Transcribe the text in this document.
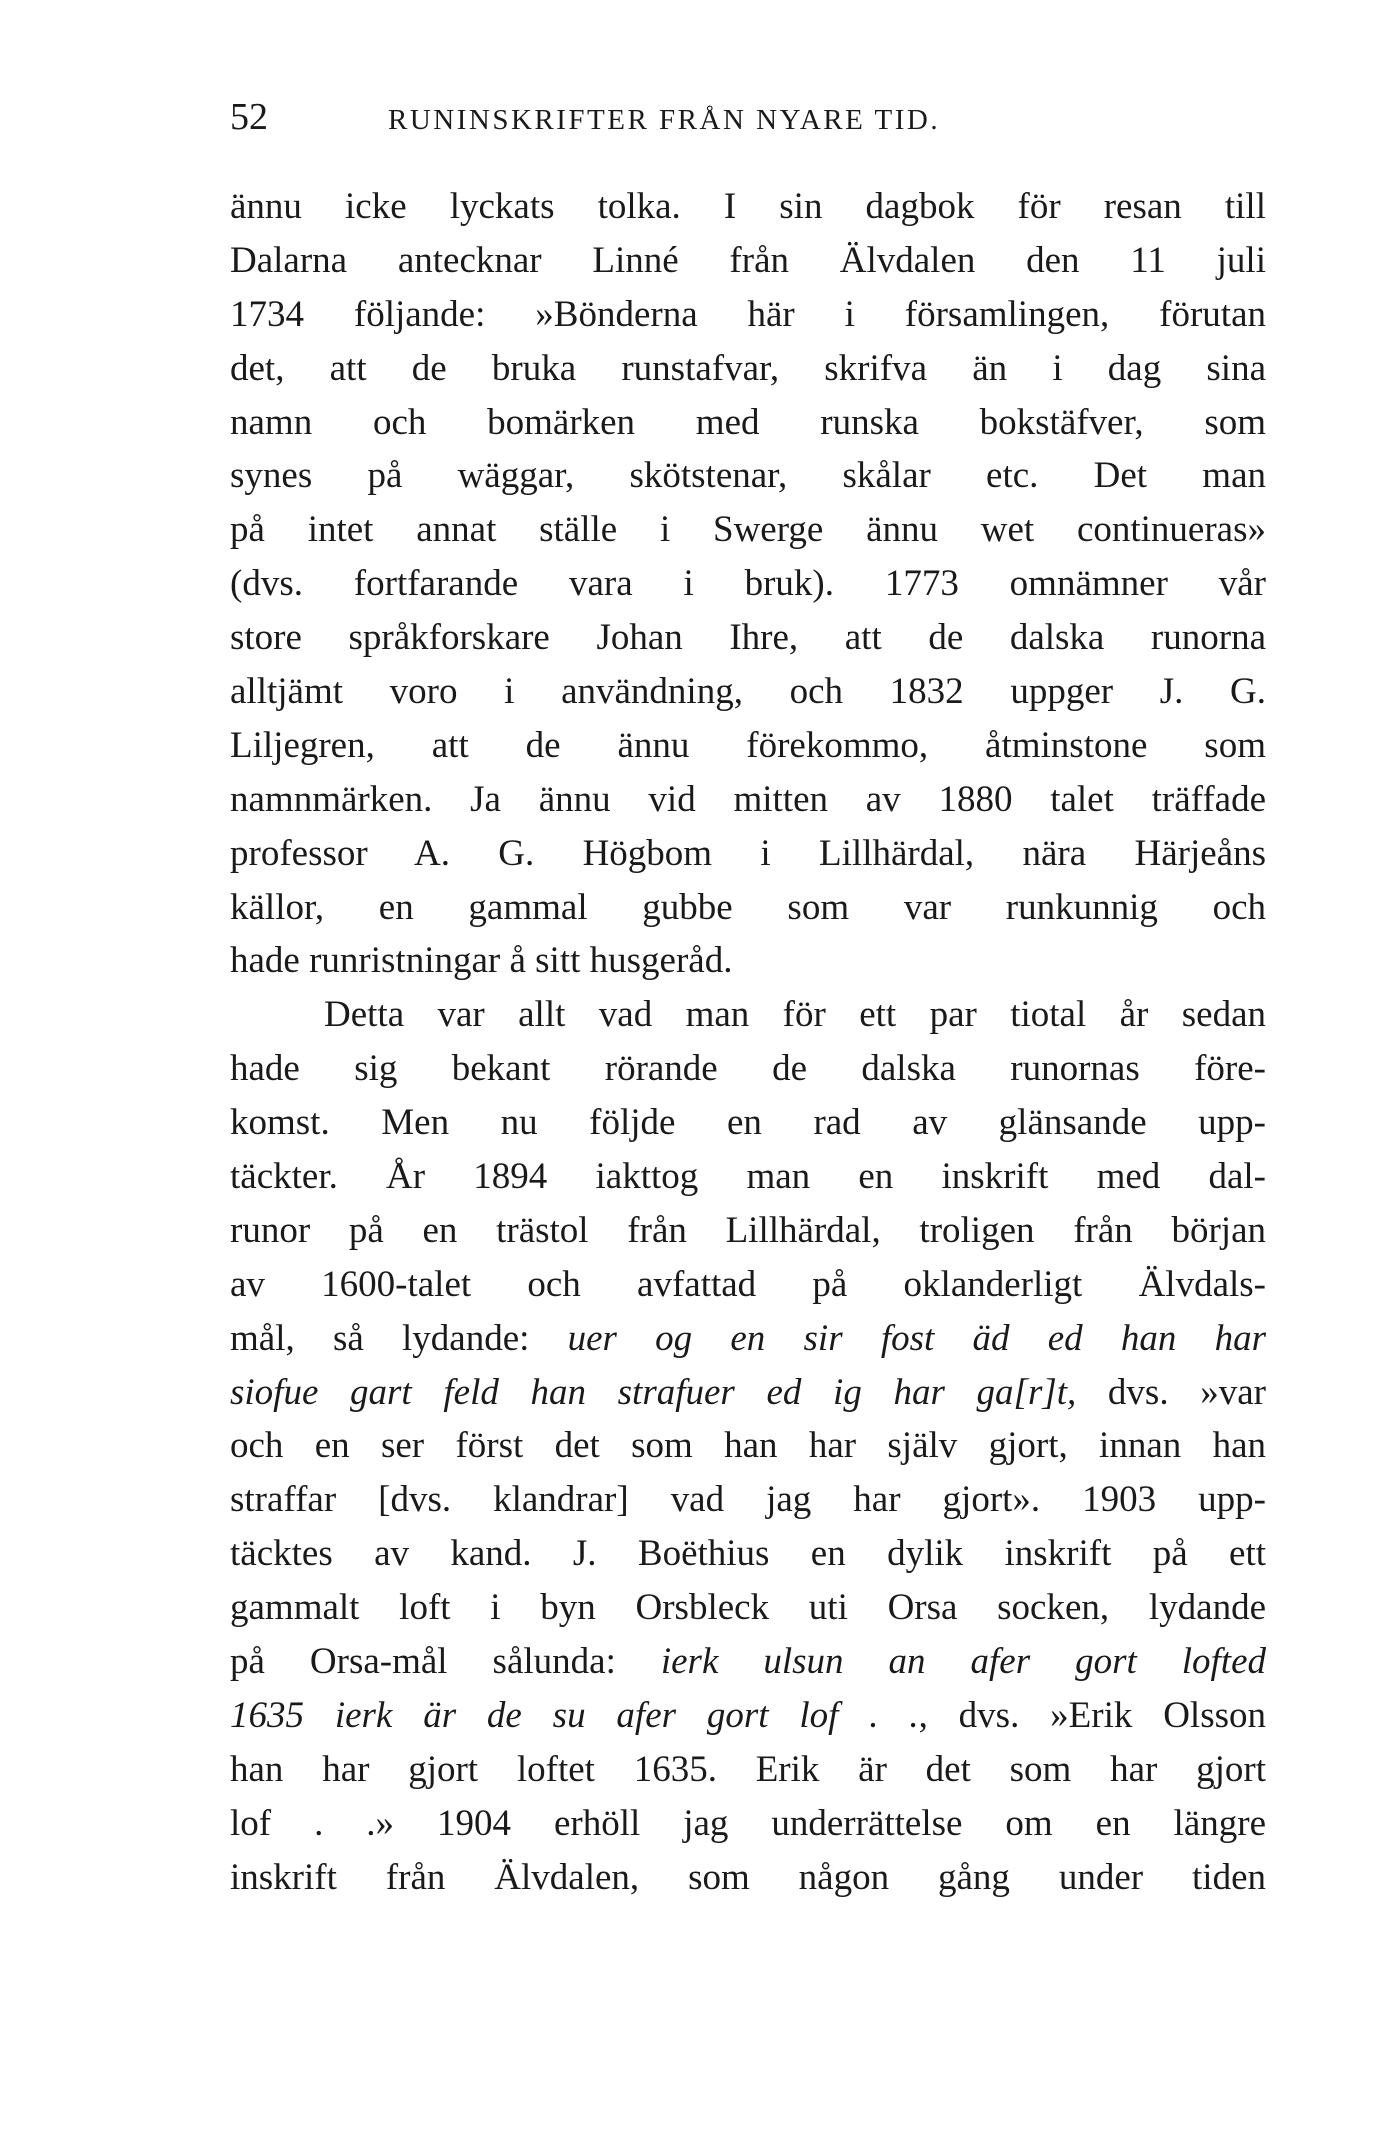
52	RUNINSKRIFTER FRÅN NYARE TID.
ännu icke lyckats tolka. I sin dagbok för resan till
Dalarna antecknar Linné från Älvdalen den 11 juli
1734 följande: »Bönderna här i församlingen, förutan
det, att de bruka runstafvar, skrifva än i dag sina
namn och bomärken med runska bokstäfver, som
synes på wäggar, skötstenar, skålar etc. Det man
på intet annat ställe i Swerge ännu wet continueras»
(dvs. fortfarande vara i bruk). 1773 omnämner vår
store språkforskare Johan Ihre, att de dalska runorna
alltjämt voro i användning, och 1832 uppger J. G.
Liljegren, att de ännu förekommo, åtminstone som
namnmärken. Ja ännu vid mitten av 1880 talet träffade
professor A. G. Högbom i Lillhärdal, nära Härjeåns
källor, en gammal gubbe som var runkunnig och
hade runristningar å sitt husgeråd.
Detta var allt vad man för ett par tiotal år sedan
hade sig bekant rörande de dalska runornas före-
komst. Men nu följde en rad av glänsande upp-
täckter. År 1894 iakttog man en inskrift med dal-
runor på en trästol från Lillhärdal, troligen från början
av 1600-talet och avfattad på oklanderligt Älvdals-
mål, så lydande: uer og en sir fost äd ed han har
siofue gart feld han strafuer ed ig har ga[r]t, dvs. »var
och en ser först det som han har själv gjort, innan han
straffar [dvs. klandrar] vad jag har gjort». 1903 upp-
täcktes av kand. J. Boëthius en dylik inskrift på ett
gammalt loft i byn Orsbleck uti Orsa socken, lydande
på Orsa-mål sålunda: ierk ulsun an afer gort lofted
1635 ierk är de su afer gort lof . ., dvs. »Erik Olsson
han har gjort loftet 1635. Erik är det som har gjort
lof . .» 1904 erhöll jag underrättelse om en längre
inskrift från Älvdalen, som någon gång under tiden
